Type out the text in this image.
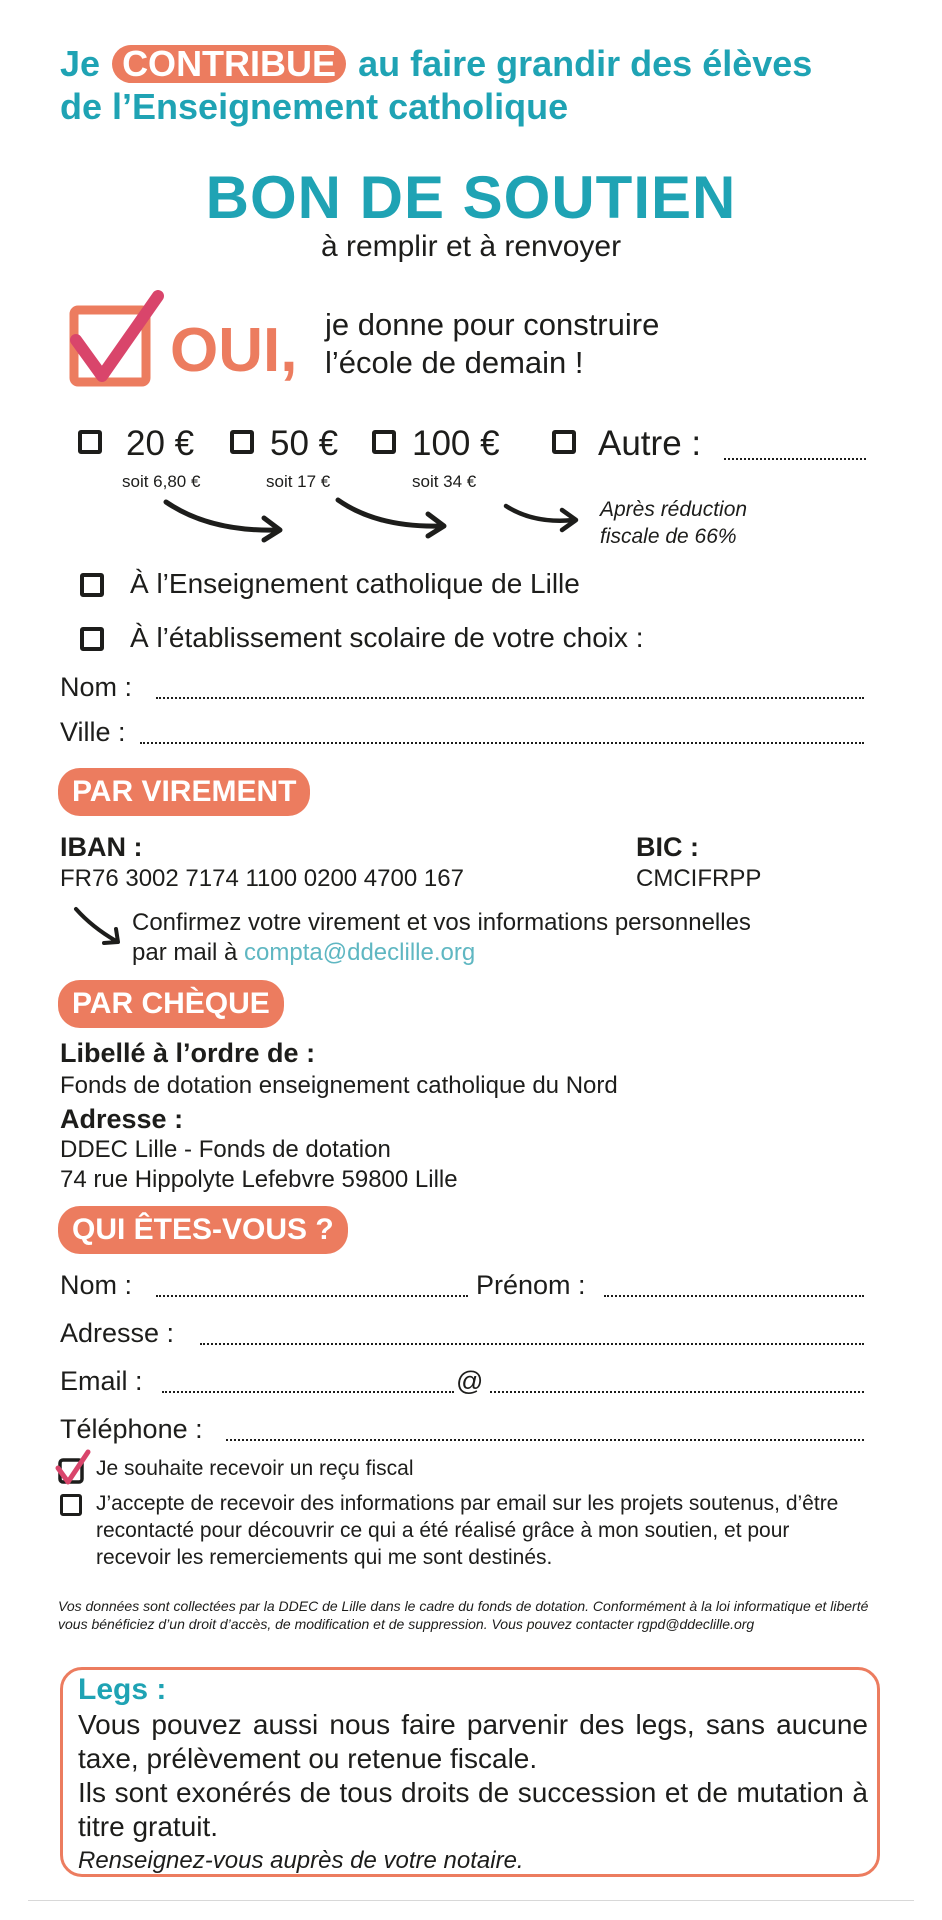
Je CONTRIBUE au faire grandir des élèves
de l’Enseignement catholique
BON DE SOUTIEN
à remplir et à renvoyer
OUI, je donne pour construire
l’école de demain !
20 €
soit 6,80 €
50 €
soit 17 €
100 €
soit 34 €
Autre :
Après réduction
fiscale de 66%
À l’Enseignement catholique de Lille
À l’établissement scolaire de votre choix :
Nom :
Ville :
PAR VIREMENT
IBAN :
FR76 3002 7174 1100 0200 4700 167
BIC :
CMCIFRPP
Confirmez votre virement et vos informations personnelles
par mail à compta@ddeclille.org
PAR CHÈQUE
Libellé à l’ordre de :
Fonds de dotation enseignement catholique du Nord
Adresse :
DDEC Lille - Fonds de dotation
74 rue Hippolyte Lefebvre 59800 Lille
QUI ÊTES-VOUS ?
Nom :	Prénom :
Adresse :
Email :	@
Téléphone :
Je souhaite recevoir un reçu fiscal
J’accepte de recevoir des informations par email sur les projets soutenus, d’être recontacté pour découvrir ce qui a été réalisé grâce à mon soutien, et pour recevoir les remerciements qui me sont destinés.
Vos données sont collectées par la DDEC de Lille dans le cadre du fonds de dotation. Conformément à la loi informatique et liberté vous bénéficiez d’un droit d’accès, de modification et de suppression. Vous pouvez contacter rgpd@ddeclille.org
Legs :
Vous pouvez aussi nous faire parvenir des legs, sans aucune taxe, prélèvement ou retenue fiscale.
Ils sont exonérés de tous droits de succession et de mutation à titre gratuit.
Renseignez-vous auprès de votre notaire.
